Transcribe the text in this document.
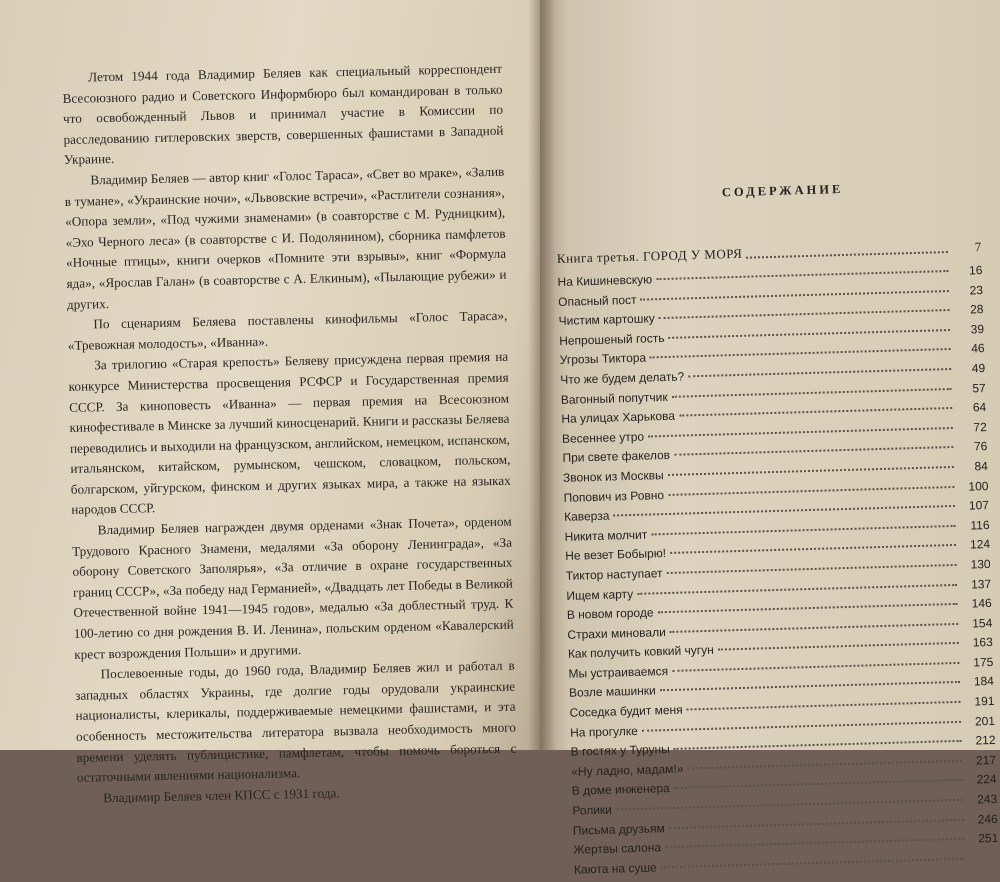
Летом 1944 года Владимир Беляев как специальный корреспондент Всесоюзного радио и Советского Информбюро был командирован в только что освобожденный Львов и принимал участие в Комиссии по расследованию гитлеровских зверств, совершенных фашистами в Западной Украине.

Владимир Беляев — автор книг «Голос Тараса», «Свет во мраке», «Залив в тумане», «Украинские ночи», «Львовские встречи», «Растлители сознания», «Опора земли», «Под чужими знаменами» (в соавторстве с М. Рудницким), «Эхо Черного леса» (в соавторстве с И. Подолянином), сборника памфлетов «Ночные птицы», книги очерков «Помните эти взрывы», книг «Формула яда», «Ярослав Галан» (в соавторстве с А. Елкиным), «Пылающие рубежи» и других.

По сценариям Беляева поставлены кинофильмы «Голос Тараса», «Тревожная молодость», «Иванна».

За трилогию «Старая крепость» Беляеву присуждена первая премия на конкурсе Министерства просвещения РСФСР и Государственная премия СССР. За киноповесть «Иванна» — первая премия на Всесоюзном кинофестивале в Минске за лучший киносценарий. Книги и рассказы Беляева переводились и выходили на французском, английском, немецком, испанском, итальянском, китайском, румынском, чешском, словацком, польском, болгарском, уйгурском, финском и других языках мира, а также на языках народов СССР.

Владимир Беляев награжден двумя орденами «Знак Почета», орденом Трудового Красного Знамени, медалями «За оборону Ленинграда», «За оборону Советского Заполярья», «За отличие в охране государственных границ СССР», «За победу над Германией», «Двадцать лет Победы в Великой Отечественной войне 1941—1945 годов», медалью «За доблестный труд. К 100-летию со дня рождения В. И. Ленина», польским орденом «Кавалерский крест возрождения Польши» и другими.

Послевоенные годы, до 1960 года, Владимир Беляев жил и работал в западных областях Украины, где долгие годы орудовали украинские националисты, клерикалы, поддерживаемые немецкими фашистами, и эта особенность местожительства литератора вызвала необходимость много времени уделять публицистике, памфлетам, чтобы помочь бороться с остаточными явлениями национализма.

Владимир Беляев член КПСС с 1931 года.

СОДЕРЖАНИЕ
Книга третья. ГОРОД У МОРЯ	7
На Кишиневскую
16
Опасный пост
23
Чистим картошку
28
Непрошеный гость
39
Угрозы Тиктора
46
Что же будем делать?
49
Вагонный попутчик
57
На улицах Харькова
64
Весеннее утро
72
При свете факелов
76
Звонок из Москвы
84
Попович из Ровно
100
Каверза
107
Никита молчит
116
Не везет Бобырю!
124
Тиктор наступает
130
Ищем карту
137
В новом городе
146
Страхи миновали
154
Как получить ковкий чугун
163
Мы устраиваемся
175
Возле машинки
184
Соседка будит меня
191
На прогулке
201
В гостях у Туруны
212
«Ну ладно, мадам!»
217
В доме инженера
224
Ролики
243
Письма друзьям
246
Жертвы салона
251
Каюта на суше
